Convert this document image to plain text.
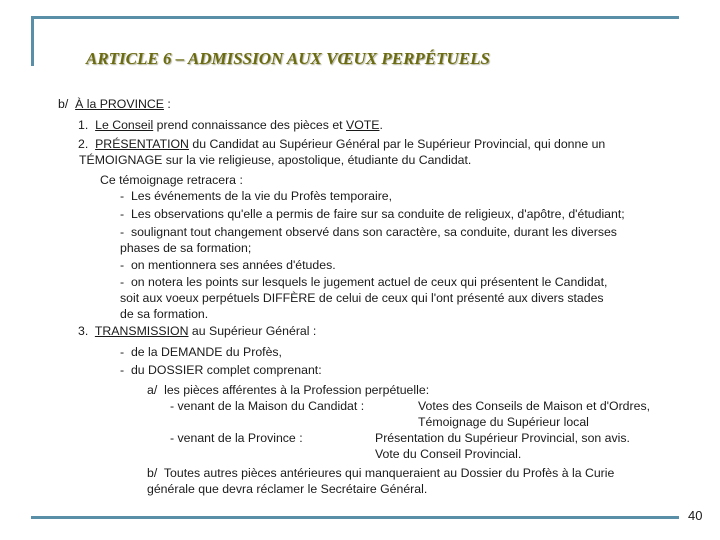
ARTICLE 6 – ADMISSION AUX VŒUX PERPÉTUELS
b/ À la PROVINCE :
1. Le Conseil prend connaissance des pièces et VOTE.
2. PRÉSENTATION du Candidat au Supérieur Général par le Supérieur Provincial, qui donne un
TÉMOIGNAGE sur la vie religieuse, apostolique, étudiante du Candidat.
Ce témoignage retracera :
-  Les événements de la vie du Profès temporaire,
-  Les observations qu'elle a permis de faire sur sa conduite de religieux, d'apôtre, d'étudiant;
-  soulignant tout changement observé dans son caractère, sa conduite, durant les diverses
phases de sa formation;
-  on mentionnera ses années d'études.
-  on notera les points sur lesquels le jugement actuel de ceux qui présentent le Candidat,
soit aux voeux perpétuels DIFFÈRE de celui de ceux qui l'ont présenté aux divers stades
de sa formation.
3. TRANSMISSION au Supérieur Général :
-  de la DEMANDE du Profès,
-  du DOSSIER complet comprenant:
a/ les pièces afférentes à la Profession perpétuelle:
- venant de la Maison du Candidat :	Votes des Conseils de Maison et d'Ordres,
Témoignage du Supérieur local
- venant de la Province :	Présentation du Supérieur Provincial, son avis.
Vote du Conseil Provincial.
b/ Toutes autres pièces antérieures qui manqueraient au Dossier du Profès à la Curie
générale que devra réclamer le Secrétaire Général.
40
